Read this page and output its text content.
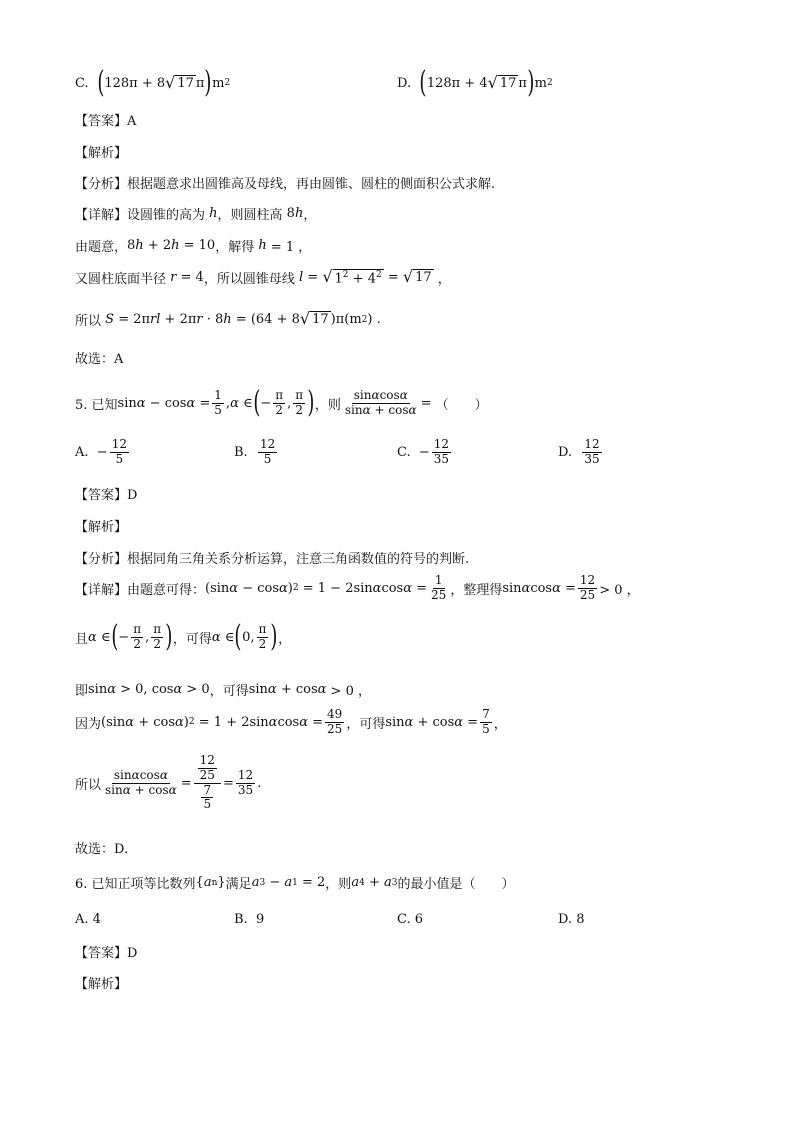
C. ( 128π + 8 √ 17 π ) m 2	D. ( 128π + 4 √ 17 π ) m 2
【答案】A
【解析】
【分析】根据题意求出圆锥高及母线，再由圆锥、圆柱的侧面积公式求解.
【详解】设圆锥的高为 h ，则圆柱高 8 h ，
由题意， 8 h + 2 h = 10 ，解得
h = 1 ，
又圆柱底面半径
r = 4 ，所以圆锥母线
l = √ $1^2 + 4^2$ = √ 17 ，
所以
S = 2π rl + 2π r · 8 h = (64 + 8 √ 17 )π(m 2 ) .
故选：A
5. 已知 $\sin \alpha - \cos \alpha = \frac{1}{5}$ , α ∈ ( − $\frac{\pi}{2}$ , $\frac{\pi}{2}$ ) ，则 $\frac{\sin\alpha\cos\alpha}{\sin\alpha + \cos\alpha}$ = （　　）
A.
− $\frac{12}{5}$	B.
$\frac{12}{5}$	C.
− $\frac{12}{35}$	D.
$\frac{12}{35}$
【答案】D
【解析】
【分析】根据同角三角关系分析运算，注意三角函数值的符号的判断.
【详解】由题意可得： (sin α − cos α ) 2 = 1 − 2sin α $\cos \alpha = \frac{1}{25}$ ，整理得 sin α $\cos \alpha = \frac{12}{25} > 0$ ，
且 α ∈ ( − $\frac{\pi}{2}$ , $\frac{\pi}{2}$ ) ，可得 α ∈ ( 0, $\frac{\pi}{2}$ ) ，
即 sin α > 0, cos α > 0 ，可得 sin α + cos α > 0 ，
因为 (sin α + cos α ) 2 = 1 + 2sin α $\cos \alpha = \frac{49}{25}$ ，可得 $\sin \alpha + \cos \alpha = \frac{7}{5}$ ，
所以 $\frac{\sin\alpha\cos\alpha}{\sin\alpha + \cos\alpha} = \frac{\frac{12}{25}}{\frac{7}{5}} = \frac{12}{35}$ .
故选：D.
6. 已知正项等比数列 { a n } 满足 a 3 − a 1 = 2 ，则 a 4 + a 3 的最小值是（　　）
A.
4	B.
9	C.
6	D.
8
【答案】D
【解析】
